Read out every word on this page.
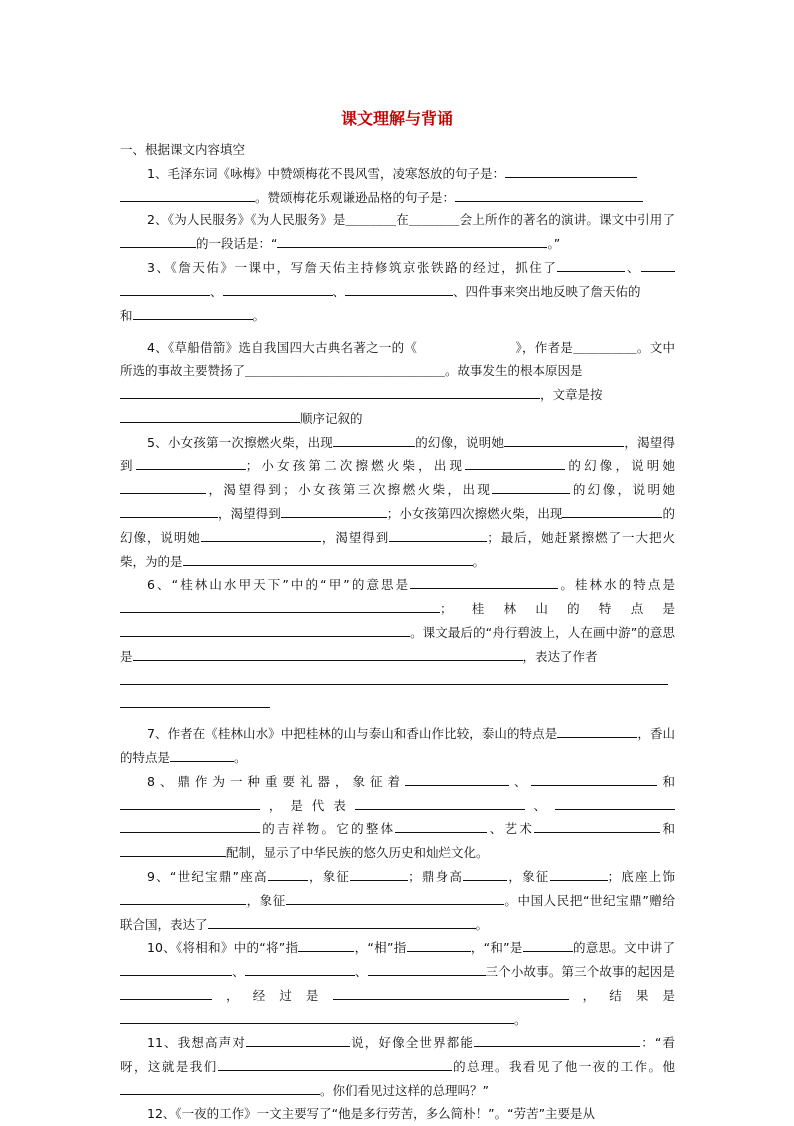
课文理解与背诵

一、根据课文内容填空

1、毛泽东词《咏梅》中赞颂梅花不畏风雪，凌寒怒放的句子是：
。赞颂梅花乐观谦逊品格的句子是：

2、《为人民服务》《为人民服务》是＿＿＿＿在＿＿＿＿会上所作的著名的演讲。课文中引用了的一段话是：“	。”

3、《詹天佑》一课中，写詹天佑主持修筑京张铁路的经过，抓住了	、、	、	、四件事来突出地反映了詹天佑的
和	。

4、《草船借箭》选自我国四大古典名著之一的《	》，作者是＿＿＿＿＿。文中所选的事故主要赞扬了＿＿＿＿＿＿＿＿＿＿＿＿＿＿＿＿。故事发生的根本原因是
，文章是按
顺序记叙的

5、小女孩第一次擦燃火柴，出现	的幻像，说明她	，渴望得到	；小女孩第二次擦燃火柴，出现	的幻像，说明她，渴望得到；小女孩第三次擦燃火柴，出现	的幻像，说明她，渴望得到	；小女孩第四次擦燃火柴，出现	的幻像，说明她	，渴望得到	；最后，她赶紧擦燃了一大把火柴，为的是	。

6、“桂林山水甲天下”中的“甲”的意思是	。桂林水的特点是；桂林山的特点是。课文最后的“舟行碧波上，人在画中游”的意思是	，表达了作者

7、作者在《桂林山水》中把桂林的山与泰山和香山作比较，泰山的特点是	，香山的特点是	。

8、鼎作为一种重要礼器，象征着	、	和，是代表	、的吉祥物。它的整体	、艺术	和配制，显示了中华民族的悠久历史和灿烂文化。

9、“世纪宝鼎”座高	，象征	；鼎身高	，象征	；底座上饰，象征	。中国人民把“世纪宝鼎”赠给联合国，表达了	。

10、《将相和》中的“将”指	，“相”指	，“和”是	的意思。文中讲了、	、	三个小故事。第三个故事的起因是，经过是	，结果是。

11、我想高声对	说，好像全世界都能	：“看呀，这就是我们	的总理。我看见了他一夜的工作。他。你们看见过这样的总理吗？”

12、《一夜的工作》一文主要写了“他是多行劳苦，多么简朴！”。“劳苦”主要是从
